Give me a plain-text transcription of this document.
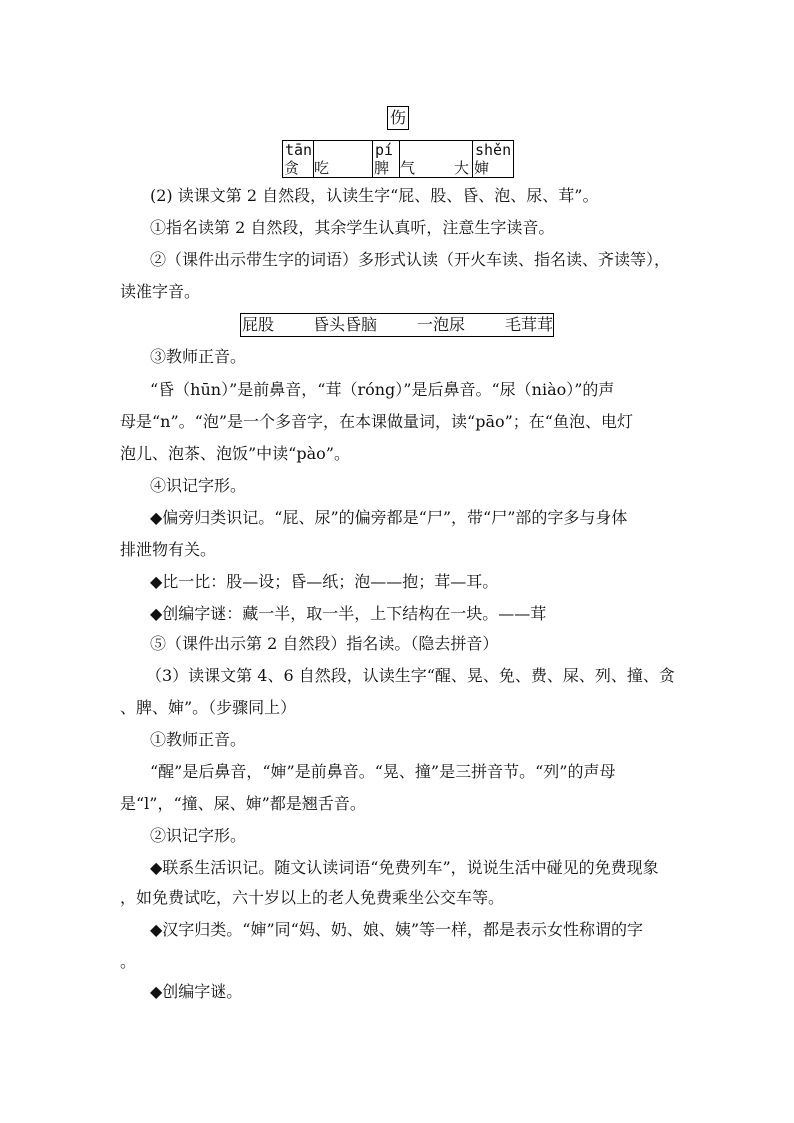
伤
tān
贪 吃
pí
脾 气	大
shěn
婶
(2) 读课文第 2 自然段，认读生字“屁、股、昏、泡、尿、茸”。
①指名读第 2 自然段，其余学生认真听，注意生字读音。
②（课件出示带生字的词语）多形式认读（开火车读、指名读、齐读等），
读准字音。
屁股 昏头昏脑 一泡尿 毛茸茸
③教师正音。
“昏（hūn）”是前鼻音，“茸（róng）”是后鼻音。“尿（niào）”的声
母是“n”。“泡”是一个多音字，在本课做量词，读“pāo”；在“鱼泡、电灯
泡儿、泡茶、泡饭”中读“pào”。
④识记字形。
◆偏旁归类识记。“屁、尿”的偏旁都是“尸”，带“尸”部的字多与身体
排泄物有关。
◆比一比：股—设；昏—纸；泡——抱；茸—耳。
◆创编字谜：藏一半，取一半，上下结构在一块。——茸
⑤（课件出示第 2 自然段）指名读。（隐去拼音）
（3）读课文第 4、6 自然段，认读生字“醒、晃、免、费、屎、列、撞、贪
、脾、婶”。（步骤同上）
①教师正音。
“醒”是后鼻音，“婶”是前鼻音。“晃、撞”是三拼音节。“列”的声母
是“l”，“撞、屎、婶”都是翘舌音。
②识记字形。
◆联系生活识记。随文认读词语“免费列车”，说说生活中碰见的免费现象
，如免费试吃，六十岁以上的老人免费乘坐公交车等。
◆汉字归类。“婶”同“妈、奶、娘、姨”等一样，都是表示女性称谓的字
。
◆创编字谜。
